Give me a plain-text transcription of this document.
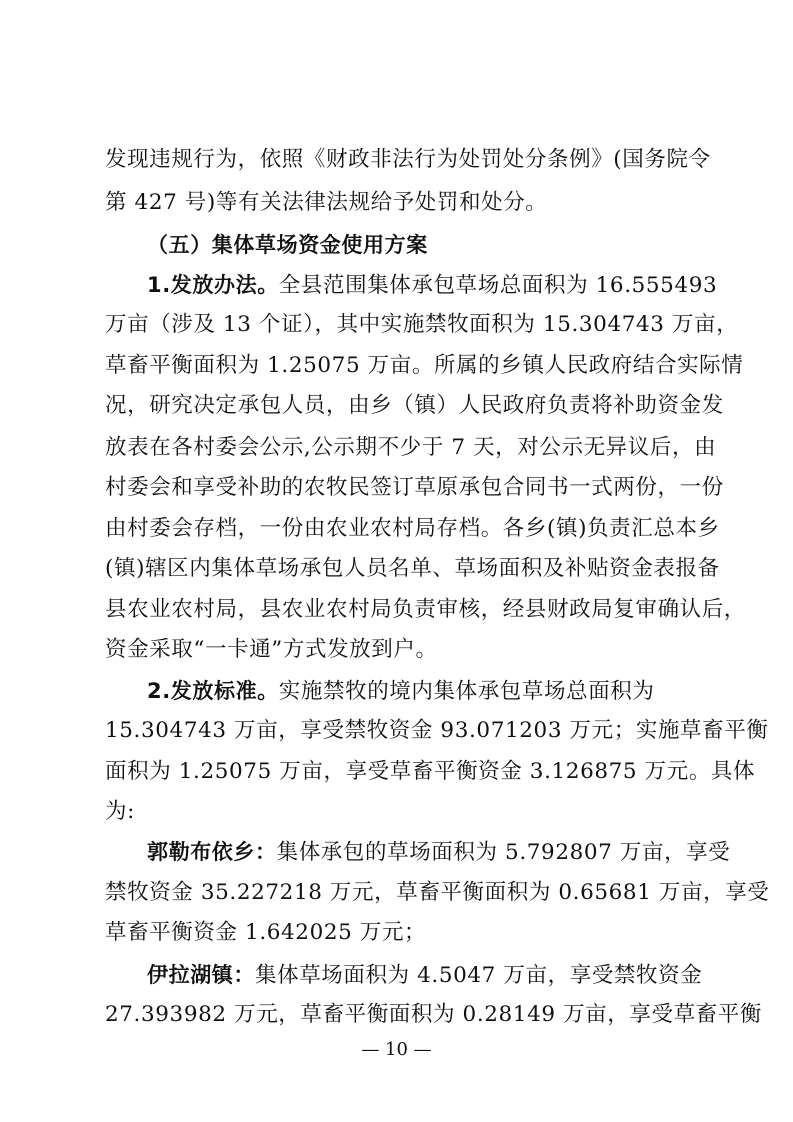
发现违规行为，依照《财政非法行为处罚处分条例》(国务院令
第 427 号)等有关法律法规给予处罚和处分。
（五）集体草场资金使用方案
1.发放办法。全县范围集体承包草场总面积为 16.555493
万亩（涉及 13 个证），其中实施禁牧面积为 15.304743 万亩，
草畜平衡面积为 1.25075 万亩。所属的乡镇人民政府结合实际情
况，研究决定承包人员，由乡（镇）人民政府负责将补助资金发
放表在各村委会公示,公示期不少于 7 天，对公示无异议后，由
村委会和享受补助的农牧民签订草原承包合同书一式两份，一份
由村委会存档，一份由农业农村局存档。各乡(镇)负责汇总本乡
(镇)辖区内集体草场承包人员名单、草场面积及补贴资金表报备
县农业农村局，县农业农村局负责审核，经县财政局复审确认后，
资金采取“一卡通”方式发放到户。
2.发放标准。实施禁牧的境内集体承包草场总面积为
15.304743 万亩，享受禁牧资金 93.071203 万元；实施草畜平衡
面积为 1.25075 万亩，享受草畜平衡资金 3.126875 万元。具体
为:
郭勒布依乡：集体承包的草场面积为 5.792807 万亩，享受
禁牧资金 35.227218 万元，草畜平衡面积为 0.65681 万亩，享受
草畜平衡资金 1.642025 万元；
伊拉湖镇：集体草场面积为 4.5047 万亩，享受禁牧资金
27.393982 万元，草畜平衡面积为 0.28149 万亩，享受草畜平衡
— 10 —
